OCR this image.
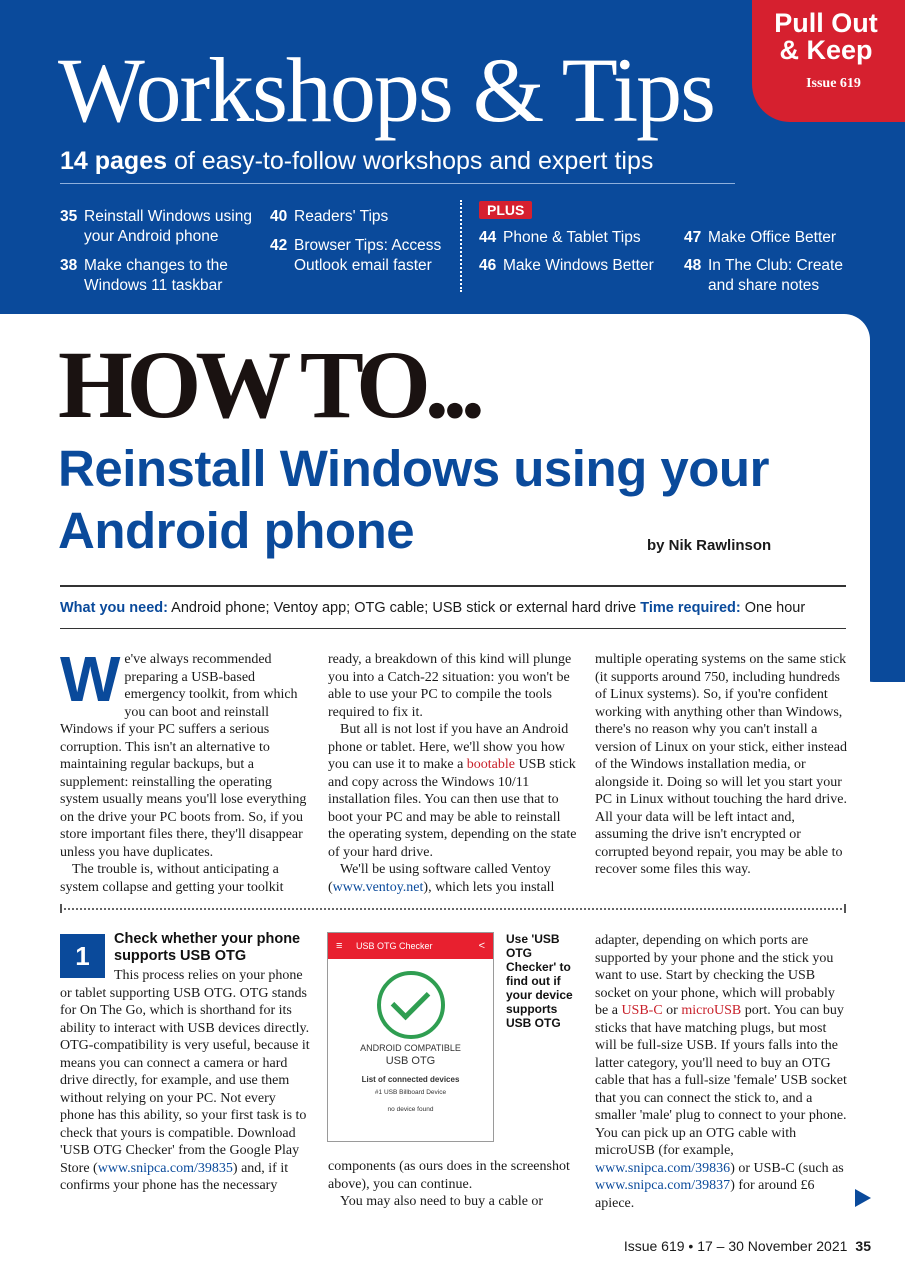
Workshops & Tips
14 pages of easy-to-follow workshops and expert tips
35 Reinstall Windows using your Android phone
38 Make changes to the Windows 11 taskbar
40 Readers' Tips
42 Browser Tips: Access Outlook email faster
PLUS
44 Phone & Tablet Tips
46 Make Windows Better
47 Make Office Better
48 In The Club: Create and share notes
Pull Out
& Keep
Issue 619
HOW TO...
Reinstall Windows using your Android phone	by Nik Rawlinson
What you need: Android phone; Ventoy app; OTG cable; USB stick or external hard drive Time required: One hour

We've always recommended preparing a USB-based emergency toolkit, from which you can boot and reinstall Windows if your PC suffers a serious corruption. This isn't an alternative to maintaining regular backups, but a supplement: reinstalling the operating system usually means you'll lose everything on the drive your PC boots from. So, if you store important files there, they'll disappear unless you have duplicates.

The trouble is, without anticipating a system collapse and getting your toolkit

ready, a breakdown of this kind will plunge you into a Catch-22 situation: you won't be able to use your PC to compile the tools required to fix it.

But all is not lost if you have an Android phone or tablet. Here, we'll show you how you can use it to make a bootable USB stick and copy across the Windows 10/11 installation files. You can then use that to boot your PC and may be able to reinstall the operating system, depending on the state of your hard drive.

We'll be using software called Ventoy (www.ventoy.net), which lets you install

multiple operating systems on the same stick (it supports around 750, including hundreds of Linux systems). So, if you're confident working with anything other than Windows, there's no reason why you can't install a version of Linux on your stick, either instead of the Windows installation media, or alongside it. Doing so will let you start your PC in Linux without touching the hard drive. All your data will be left intact and, assuming the drive isn't encrypted or corrupted beyond repair, you may be able to recover some files this way.

1
Check whether your phone supports USB OTG

This process relies on your phone or tablet supporting USB OTG. OTG stands for On The Go, which is shorthand for its ability to interact with USB devices directly. OTG-compatibility is very useful, because it means you can connect a camera or hard drive directly, for example, and use them without relying on your PC. Not every phone has this ability, so your first task is to check that yours is compatible. Download 'USB OTG Checker' from the Google Play Store (www.snipca.com/39835) and, if it confirms your phone has the necessary

≡ USB OTG Checker	<
ANDROID COMPATIBLE
USB OTG
List of connected devices
#1 USB Billboard Device
no device found
Use 'USB OTG Checker' to find out if your device supports USB OTG

components (as ours does in the screenshot above), you can continue.

You may also need to buy a cable or

adapter, depending on which ports are supported by your phone and the stick you want to use. Start by checking the USB socket on your phone, which will probably be a USB-C or microUSB port. You can buy sticks that have matching plugs, but most will be full-size USB. If yours falls into the latter category, you'll need to buy an OTG cable that has a full-size 'female' USB socket that you can connect the stick to, and a smaller 'male' plug to connect to your phone. You can pick up an OTG cable with microUSB (for example, www.snipca.com/39836) or USB-C (such as www.snipca.com/39837) for around £6 apiece.

Issue 619 • 17 – 30 November 2021 35
